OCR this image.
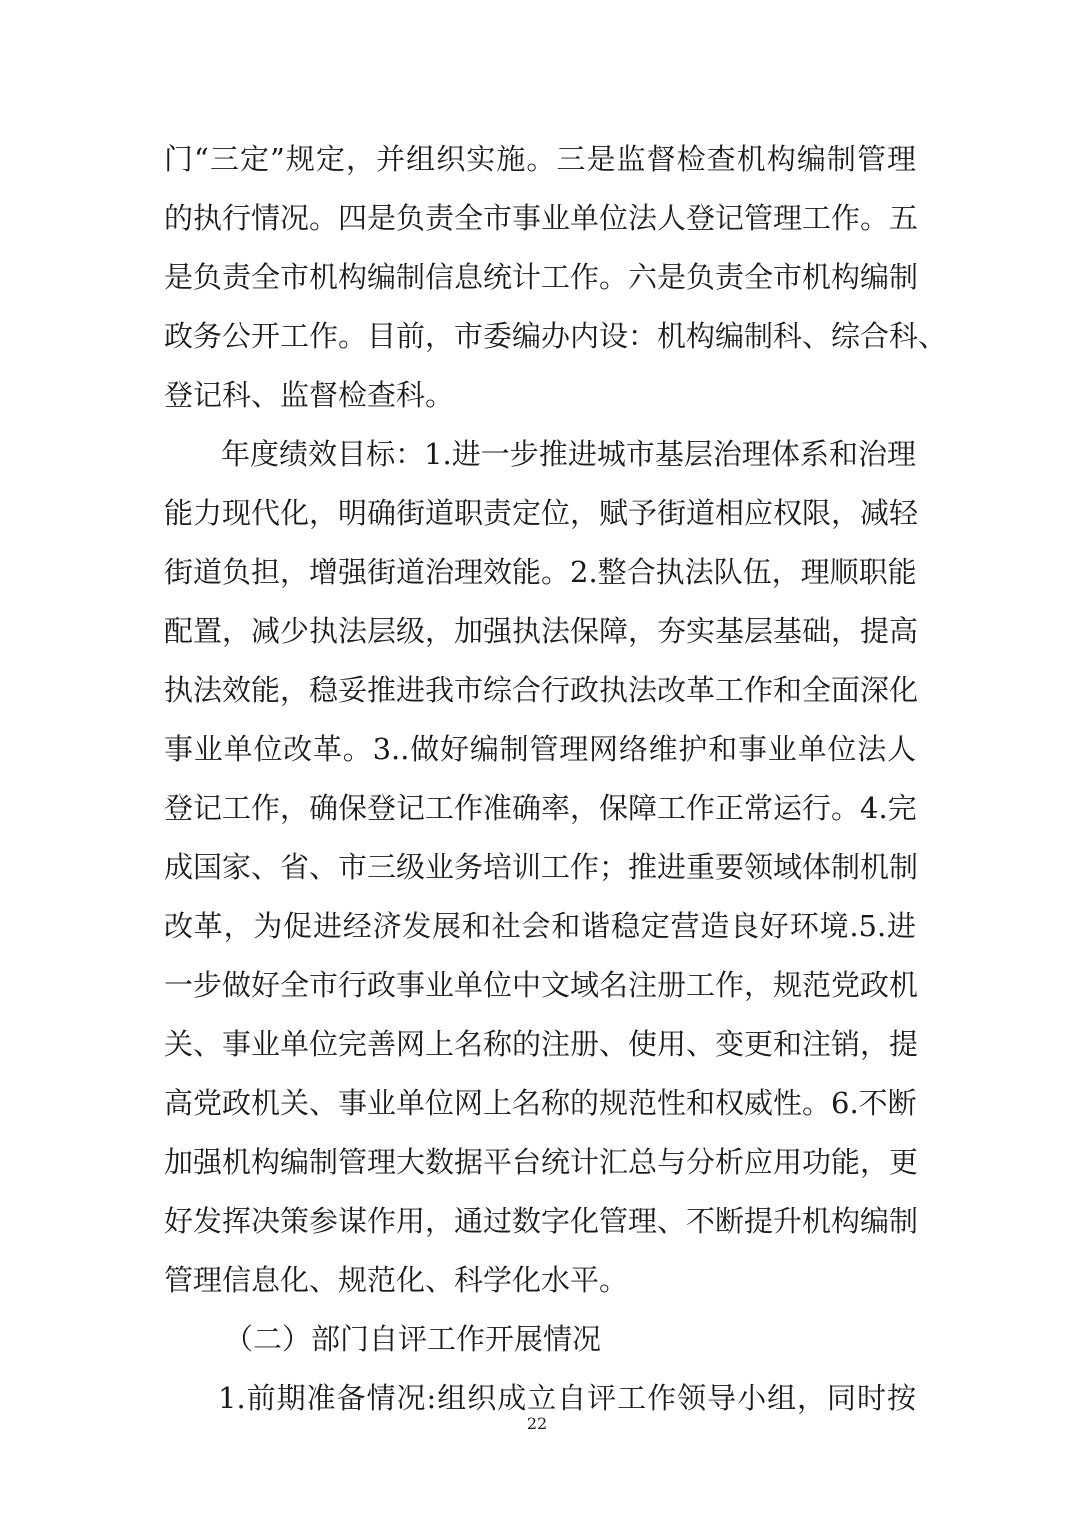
门“三定”规定，并组织实施。三是监督检查机构编制管理
的执行情况。四是负责全市事业单位法人登记管理工作。五
是负责全市机构编制信息统计工作。六是负责全市机构编制
政务公开工作。目前，市委编办内设：机构编制科、综合科、
登记科、监督检查科。
年度绩效目标：1.进一步推进城市基层治理体系和治理
能力现代化，明确街道职责定位，赋予街道相应权限，减轻
街道负担，增强街道治理效能。2.整合执法队伍，理顺职能
配置，减少执法层级，加强执法保障，夯实基层基础，提高
执法效能，稳妥推进我市综合行政执法改革工作和全面深化
事业单位改革。3..做好编制管理网络维护和事业单位法人
登记工作，确保登记工作准确率，保障工作正常运行。4.完
成国家、省、市三级业务培训工作；推进重要领域体制机制
改革，为促进经济发展和社会和谐稳定营造良好环境.5.进
一步做好全市行政事业单位中文域名注册工作，规范党政机
关、事业单位完善网上名称的注册、使用、变更和注销，提
高党政机关、事业单位网上名称的规范性和权威性。6.不断
加强机构编制管理大数据平台统计汇总与分析应用功能，更
好发挥决策参谋作用，通过数字化管理、不断提升机构编制
管理信息化、规范化、科学化水平。
（二）部门自评工作开展情况
1.前期准备情况:组织成立自评工作领导小组，同时按
22
